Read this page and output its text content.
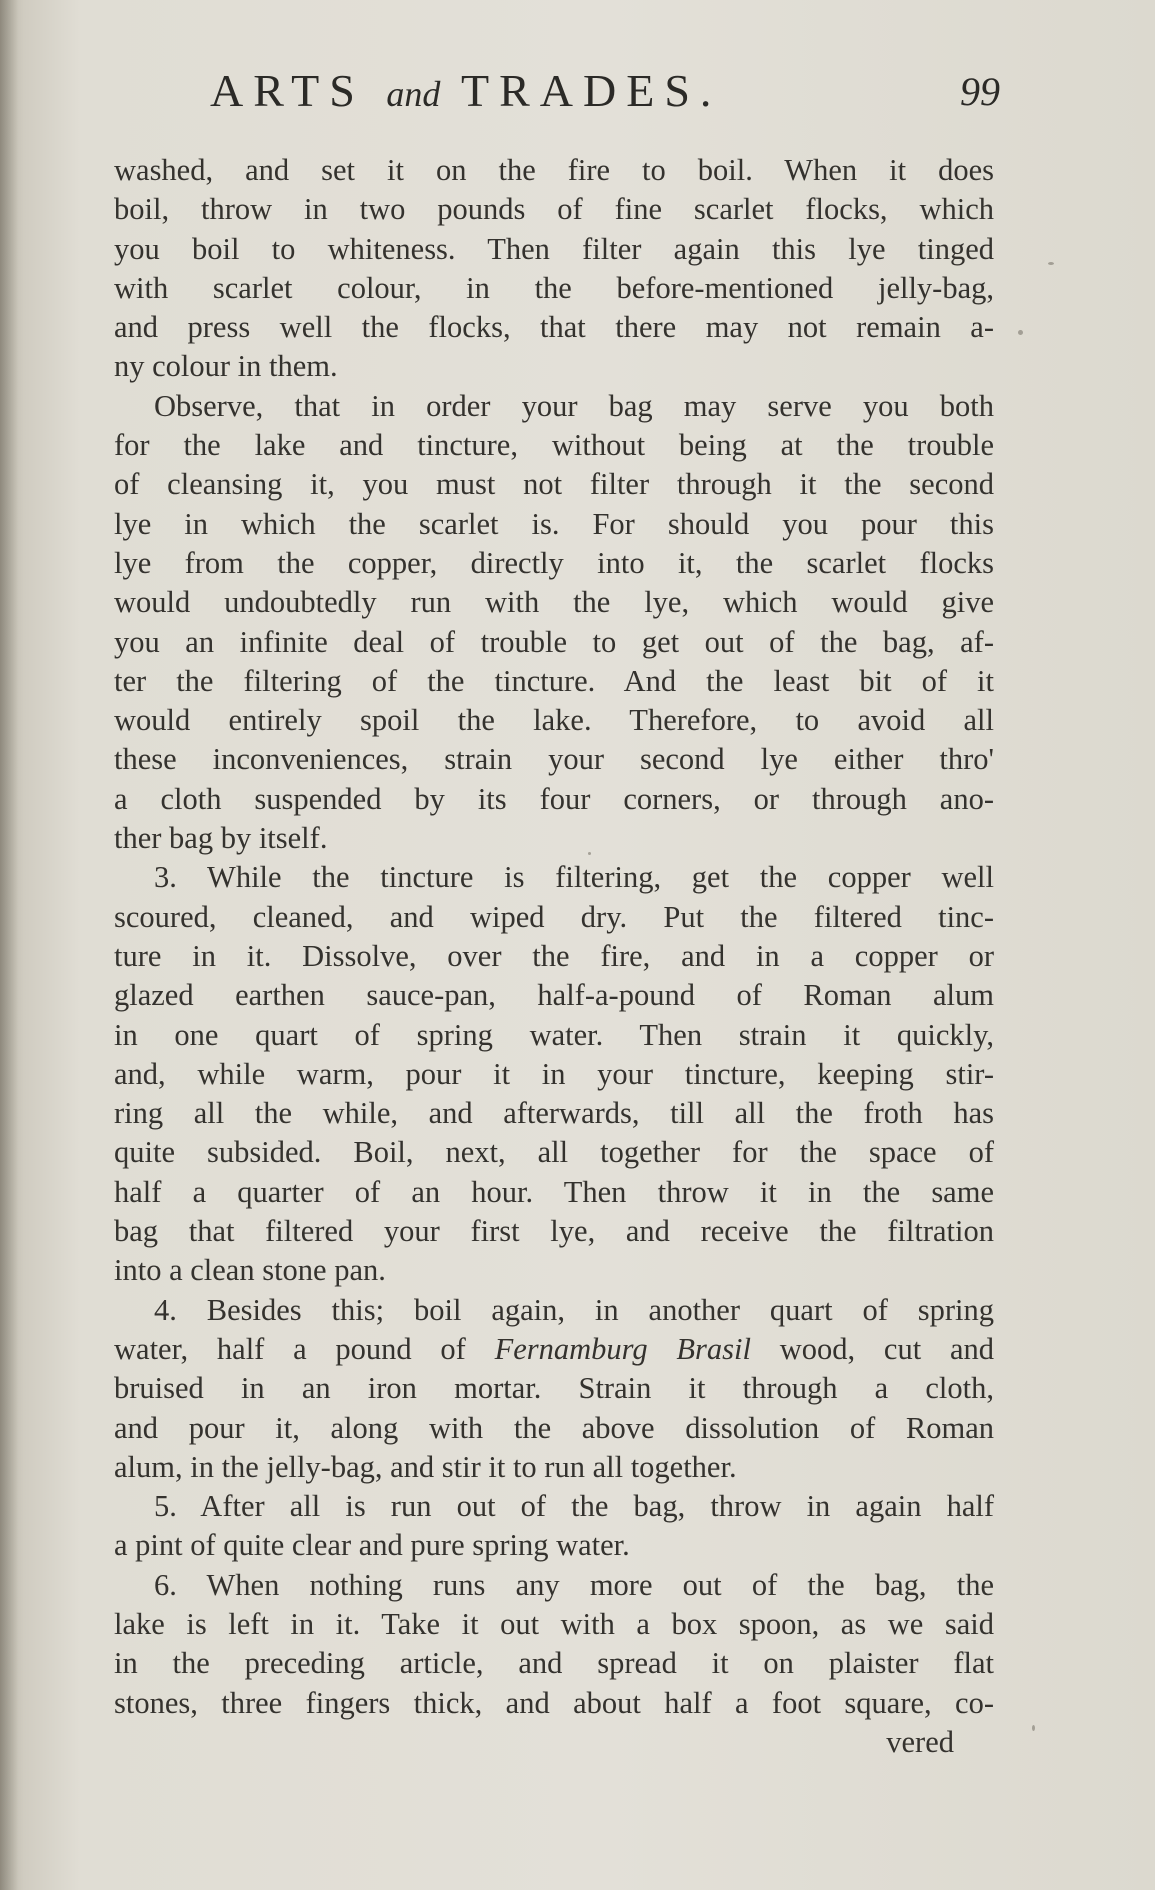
ARTS and TRADES.	99
washed, and set it on the fire to boil. When it does
boil, throw in two pounds of fine scarlet flocks, which
you boil to whiteness. Then filter again this lye tinged
with scarlet colour, in the before-mentioned jelly-bag,
and press well the flocks, that there may not remain a-
ny colour in them.
Observe, that in order your bag may serve you both
for the lake and tincture, without being at the trouble
of cleansing it, you must not filter through it the second
lye in which the scarlet is. For should you pour this
lye from the copper, directly into it, the scarlet flocks
would undoubtedly run with the lye, which would give
you an infinite deal of trouble to get out of the bag, af-
ter the filtering of the tincture. And the least bit of it
would entirely spoil the lake. Therefore, to avoid all
these inconveniences, strain your second lye either thro'
a cloth suspended by its four corners, or through ano-
ther bag by itself.
3. While the tincture is filtering, get the copper well
scoured, cleaned, and wiped dry. Put the filtered tinc-
ture in it. Dissolve, over the fire, and in a copper or
glazed earthen sauce-pan, half-a-pound of Roman alum
in one quart of spring water. Then strain it quickly,
and, while warm, pour it in your tincture, keeping stir-
ring all the while, and afterwards, till all the froth has
quite subsided. Boil, next, all together for the space of
half a quarter of an hour. Then throw it in the same
bag that filtered your first lye, and receive the filtration
into a clean stone pan.
4. Besides this; boil again, in another quart of spring
water, half a pound of Fernamburg Brasil wood, cut and
bruised in an iron mortar. Strain it through a cloth,
and pour it, along with the above dissolution of Roman
alum, in the jelly-bag, and stir it to run all together.
5. After all is run out of the bag, throw in again half
a pint of quite clear and pure spring water.
6. When nothing runs any more out of the bag, the
lake is left in it. Take it out with a box spoon, as we said
in the preceding article, and spread it on plaister flat
stones, three fingers thick, and about half a foot square, co-
vered
